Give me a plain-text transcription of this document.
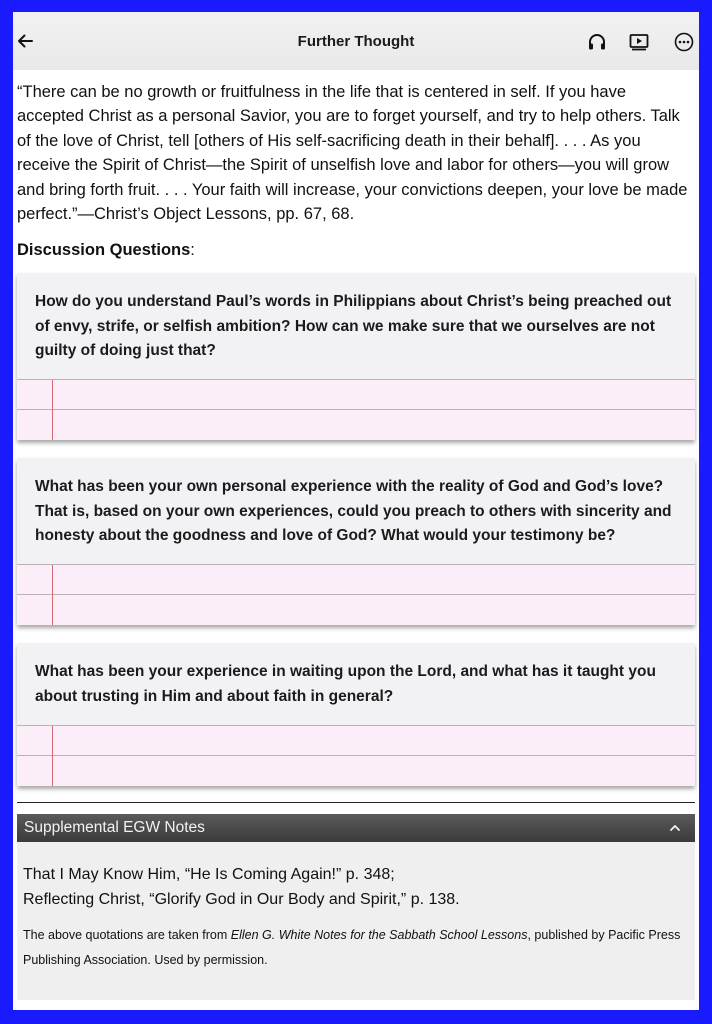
Further Thought

“There can be no growth or fruitfulness in the life that is centered in self. If you have accepted Christ as a personal Savior, you are to forget yourself, and try to help others. Talk of the love of Christ, tell [others of His self-sacrificing death in their behalf]. . . . As you receive the Spirit of Christ—the Spirit of unselfish love and labor for others—you will grow and bring forth fruit. . . . Your faith will increase, your convictions deepen, your love be made perfect.”—Christ’s Object Lessons, pp. 67, 68.

Discussion Questions:
How do you understand Paul’s words in Philippians about Christ’s being preached out of envy, strife, or selfish ambition? How can we make sure that we ourselves are not guilty of doing just that?
What has been your own personal experience with the reality of God and God’s love? That is, based on your own experiences, could you preach to others with sincerity and honesty about the goodness and love of God? What would your testimony be?
What has been your experience in waiting upon the Lord, and what has it taught you about trusting in Him and about faith in general?
Supplemental EGW Notes
That I May Know Him, “He Is Coming Again!” p. 348;
Reflecting Christ, “Glorify God in Our Body and Spirit,” p. 138.
The above quotations are taken from Ellen G. White Notes for the Sabbath School Lessons, published by Pacific Press Publishing Association. Used by permission.
